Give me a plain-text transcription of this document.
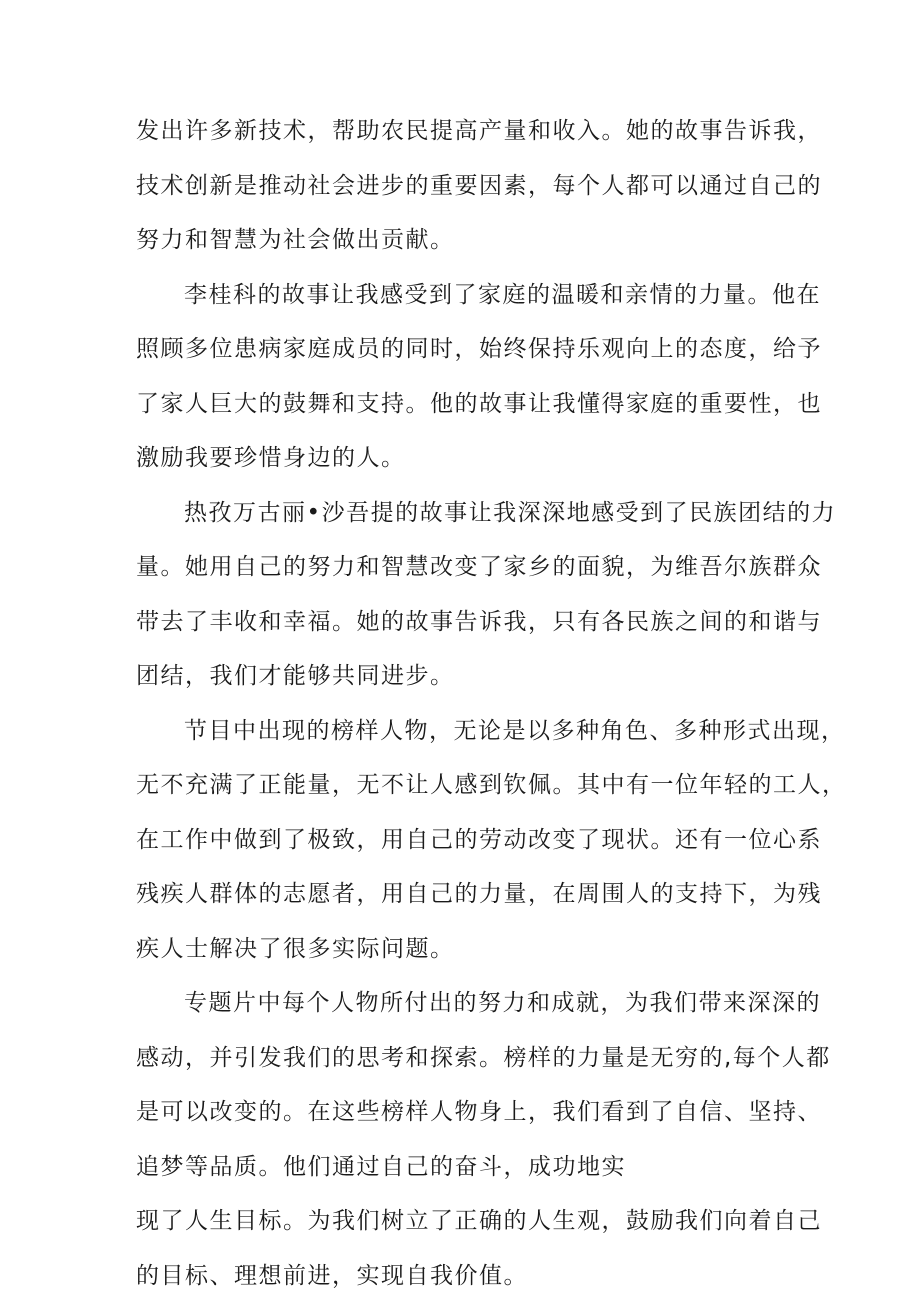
发出许多新技术，帮助农民提高产量和收入。她的故事告诉我，
技术创新是推动社会进步的重要因素，每个人都可以通过自己的
努力和智慧为社会做出贡献。
李桂科的故事让我感受到了家庭的温暖和亲情的力量。他在
照顾多位患病家庭成员的同时，始终保持乐观向上的态度，给予
了家人巨大的鼓舞和支持。他的故事让我懂得家庭的重要性，也
激励我要珍惜身边的人。
热孜万古丽•沙吾提的故事让我深深地感受到了民族团结的力
量。她用自己的努力和智慧改变了家乡的面貌，为维吾尔族群众
带去了丰收和幸福。她的故事告诉我，只有各民族之间的和谐与
团结，我们才能够共同进步。
节目中出现的榜样人物，无论是以多种角色、多种形式出现，
无不充满了正能量，无不让人感到钦佩。其中有一位年轻的工人，
在工作中做到了极致，用自己的劳动改变了现状。还有一位心系
残疾人群体的志愿者，用自己的力量，在周围人的支持下，为残
疾人士解决了很多实际问题。
专题片中每个人物所付出的努力和成就，为我们带来深深的
感动，并引发我们的思考和探索。榜样的力量是无穷的,每个人都
是可以改变的。在这些榜样人物身上，我们看到了自信、坚持、
追梦等品质。他们通过自己的奋斗，成功地实
现了人生目标。为我们树立了正确的人生观，鼓励我们向着自己
的目标、理想前进，实现自我价值。
